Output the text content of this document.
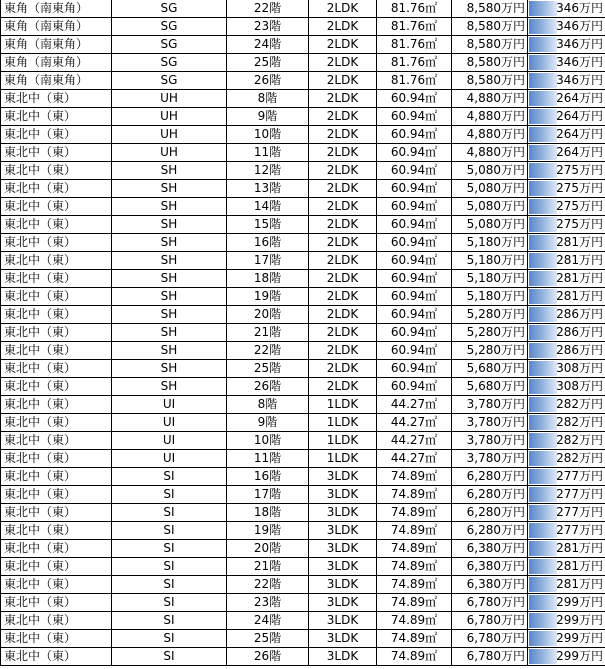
東角（南東角）	SG	22階	2LDK	81.76㎡	8,580万円	346万円
東角（南東角）	SG	23階	2LDK	81.76㎡	8,580万円	346万円
東角（南東角）	SG	24階	2LDK	81.76㎡	8,580万円	346万円
東角（南東角）	SG	25階	2LDK	81.76㎡	8,580万円	346万円
東角（南東角）	SG	26階	2LDK	81.76㎡	8,580万円	346万円
東北中（東）	UH	8階	2LDK	60.94㎡	4,880万円	264万円
東北中（東）	UH	9階	2LDK	60.94㎡	4,880万円	264万円
東北中（東）	UH	10階	2LDK	60.94㎡	4,880万円	264万円
東北中（東）	UH	11階	2LDK	60.94㎡	4,880万円	264万円
東北中（東）	SH	12階	2LDK	60.94㎡	5,080万円	275万円
東北中（東）	SH	13階	2LDK	60.94㎡	5,080万円	275万円
東北中（東）	SH	14階	2LDK	60.94㎡	5,080万円	275万円
東北中（東）	SH	15階	2LDK	60.94㎡	5,080万円	275万円
東北中（東）	SH	16階	2LDK	60.94㎡	5,180万円	281万円
東北中（東）	SH	17階	2LDK	60.94㎡	5,180万円	281万円
東北中（東）	SH	18階	2LDK	60.94㎡	5,180万円	281万円
東北中（東）	SH	19階	2LDK	60.94㎡	5,180万円	281万円
東北中（東）	SH	20階	2LDK	60.94㎡	5,280万円	286万円
東北中（東）	SH	21階	2LDK	60.94㎡	5,280万円	286万円
東北中（東）	SH	22階	2LDK	60.94㎡	5,280万円	286万円
東北中（東）	SH	25階	2LDK	60.94㎡	5,680万円	308万円
東北中（東）	SH	26階	2LDK	60.94㎡	5,680万円	308万円
東北中（東）	UI	8階	1LDK	44.27㎡	3,780万円	282万円
東北中（東）	UI	9階	1LDK	44.27㎡	3,780万円	282万円
東北中（東）	UI	10階	1LDK	44.27㎡	3,780万円	282万円
東北中（東）	UI	11階	1LDK	44.27㎡	3,780万円	282万円
東北中（東）	SI	16階	3LDK	74.89㎡	6,280万円	277万円
東北中（東）	SI	17階	3LDK	74.89㎡	6,280万円	277万円
東北中（東）	SI	18階	3LDK	74.89㎡	6,280万円	277万円
東北中（東）	SI	19階	3LDK	74.89㎡	6,280万円	277万円
東北中（東）	SI	20階	3LDK	74.89㎡	6,380万円	281万円
東北中（東）	SI	21階	3LDK	74.89㎡	6,380万円	281万円
東北中（東）	SI	22階	3LDK	74.89㎡	6,380万円	281万円
東北中（東）	SI	23階	3LDK	74.89㎡	6,780万円	299万円
東北中（東）	SI	24階	3LDK	74.89㎡	6,780万円	299万円
東北中（東）	SI	25階	3LDK	74.89㎡	6,780万円	299万円
東北中（東）	SI	26階	3LDK	74.89㎡	6,780万円	299万円
